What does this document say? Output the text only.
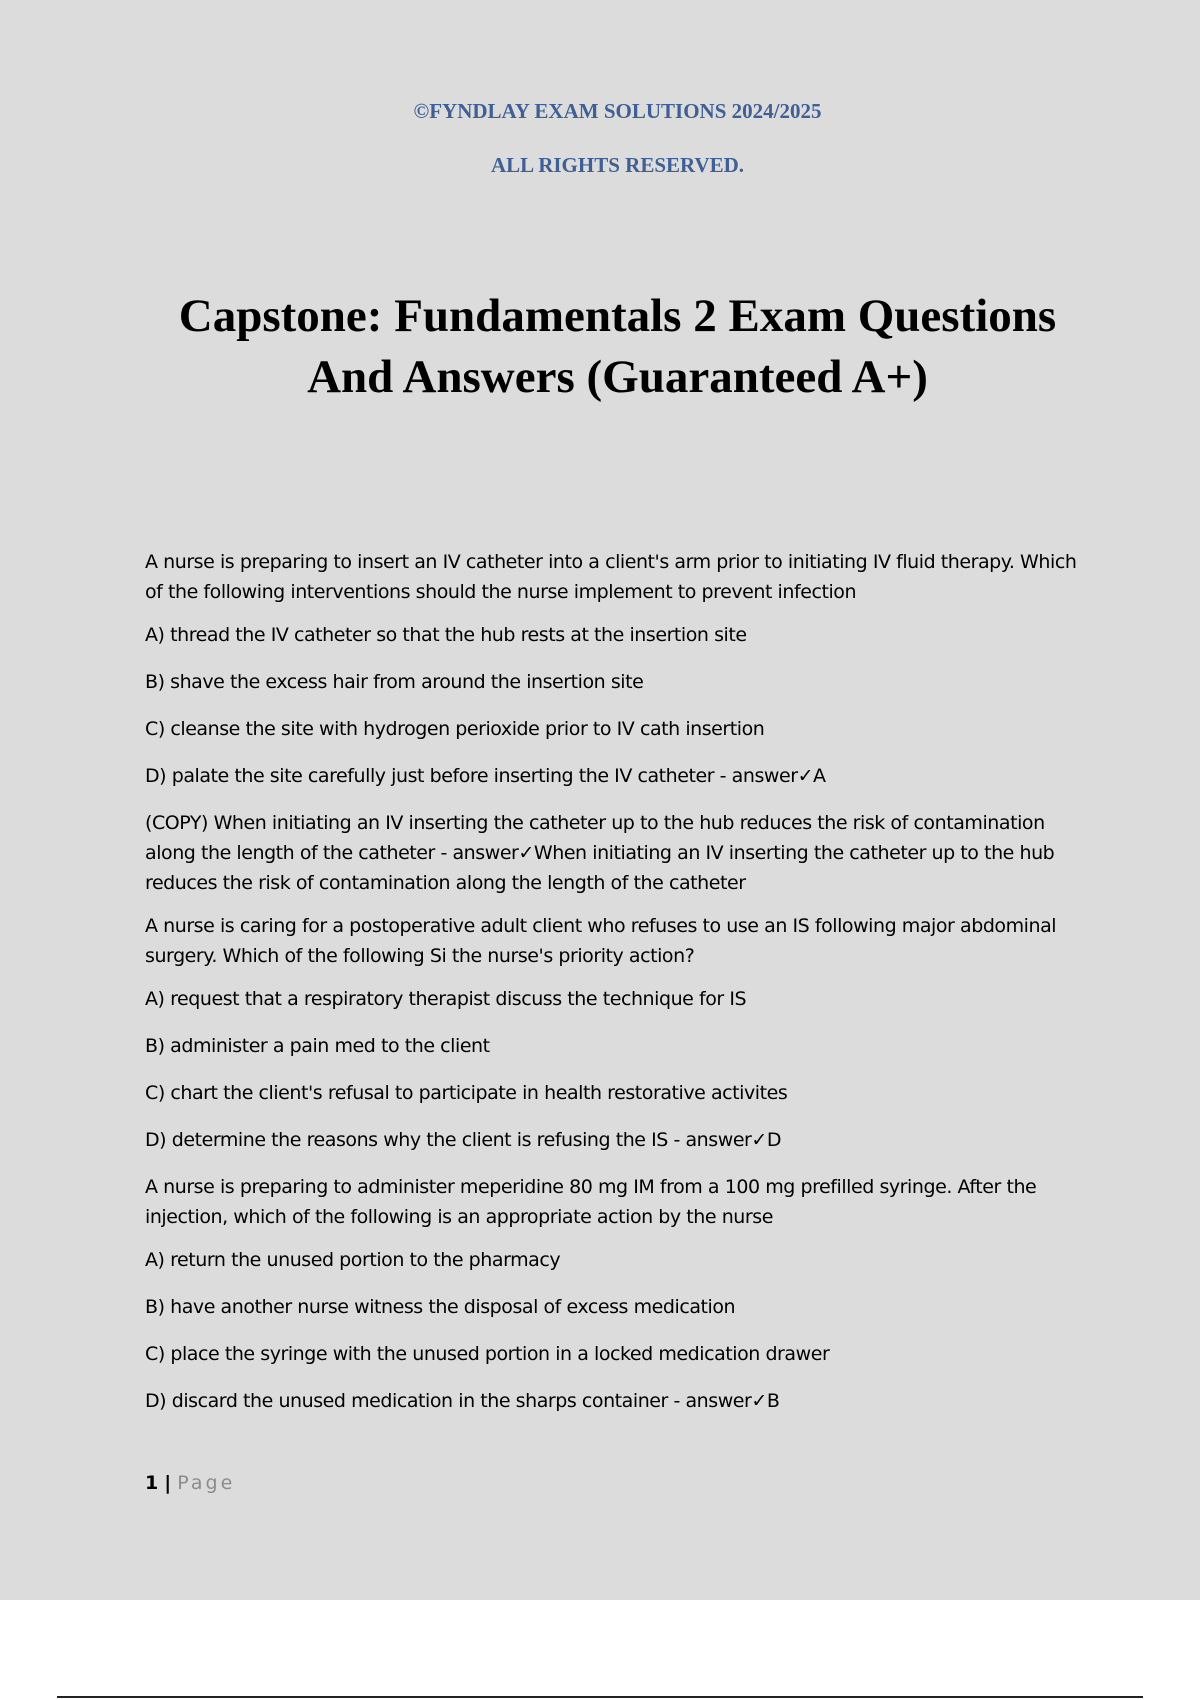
©FYNDLAY EXAM SOLUTIONS 2024/2025
ALL RIGHTS RESERVED.
Capstone: Fundamentals 2 Exam Questions
And Answers (Guaranteed A+)

A nurse is preparing to insert an IV catheter into a client's arm prior to initiating IV fluid therapy. Which of the following interventions should the nurse implement to prevent infection

A) thread the IV catheter so that the hub rests at the insertion site

B) shave the excess hair from around the insertion site

C) cleanse the site with hydrogen perioxide prior to IV cath insertion

D) palate the site carefully just before inserting the IV catheter - answer✓A

(COPY) When initiating an IV inserting the catheter up to the hub reduces the risk of contamination along the length of the catheter - answer✓When initiating an IV inserting the catheter up to the hub reduces the risk of contamination along the length of the catheter

A nurse is caring for a postoperative adult client who refuses to use an IS following major abdominal surgery. Which of the following Si the nurse's priority action?

A) request that a respiratory therapist discuss the technique for IS

B) administer a pain med to the client

C) chart the client's refusal to participate in health restorative activites

D) determine the reasons why the client is refusing the IS - answer✓D

A nurse is preparing to administer meperidine 80 mg IM from a 100 mg prefilled syringe. After the injection, which of the following is an appropriate action by the nurse

A) return the unused portion to the pharmacy

B) have another nurse witness the disposal of excess medication

C) place the syringe with the unused portion in a locked medication drawer

D) discard the unused medication in the sharps container - answer✓B

1 | Page
